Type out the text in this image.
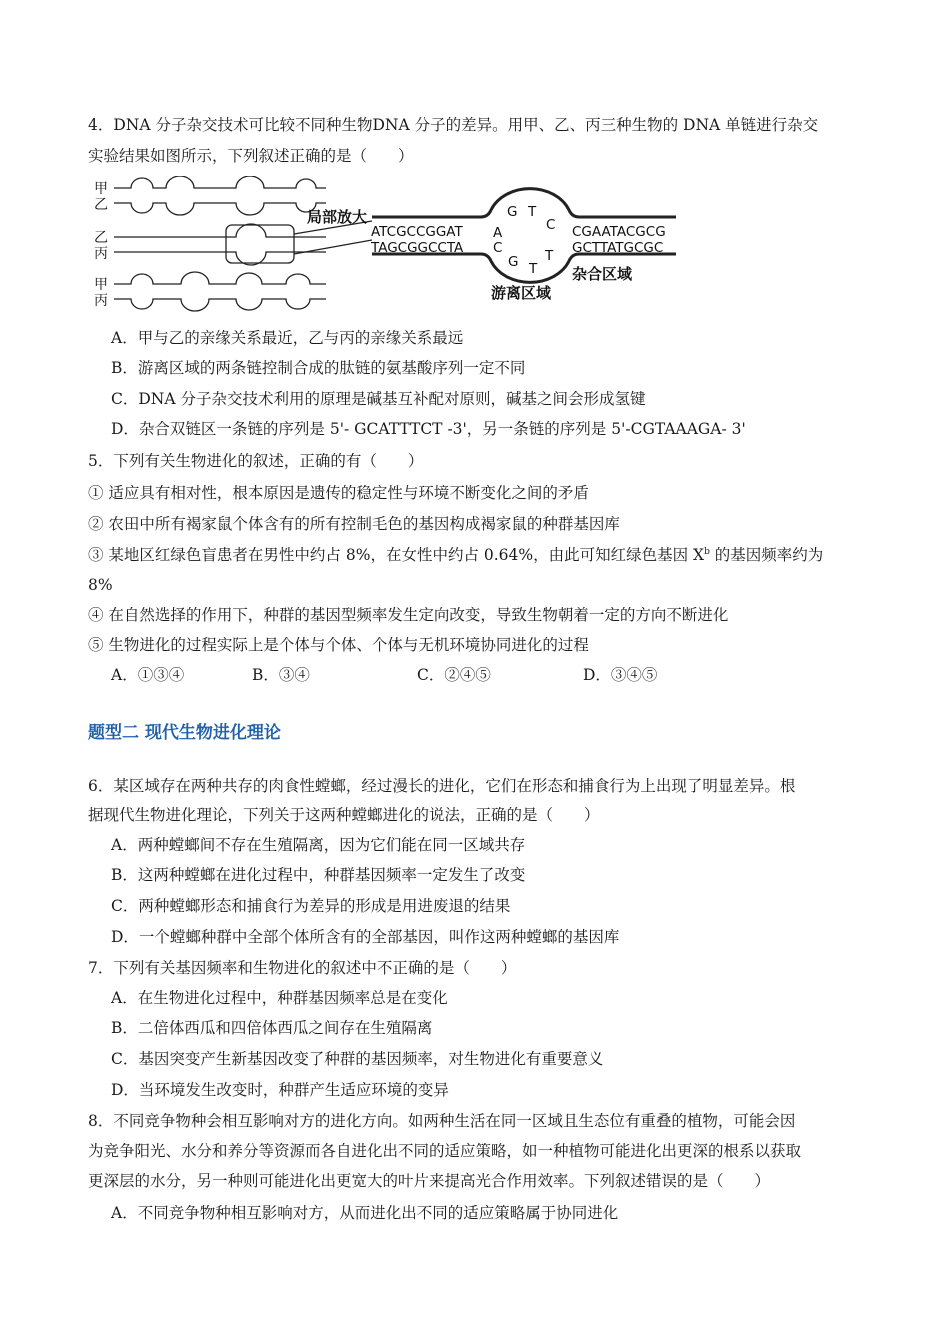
4．DNA 分子杂交技术可比较不同种生物DNA 分子的差异。用甲、乙、丙三种生物的 DNA 单链进行杂交
实验结果如图所示，下列叙述正确的是（　　）
甲
乙
乙
丙
甲
丙
局部放大
ATCGCCGGAT
TAGCGGCCTA
A
G T
C
C
G T
T
CGAATACGCG
GCTTATGCGC
杂合区域
游离区域
A．甲与乙的亲缘关系最近，乙与丙的亲缘关系最远
B．游离区域的两条链控制合成的肽链的氨基酸序列一定不同
C．DNA 分子杂交技术利用的原理是碱基互补配对原则，碱基之间会形成氢键
D．杂合双链区一条链的序列是 5'- GCATTTCT -3'，另一条链的序列是 5'-CGTAAAGA- 3'
5．下列有关生物进化的叙述，正确的有（　　）
① 适应具有相对性，根本原因是遗传的稳定性与环境不断变化之间的矛盾
② 农田中所有褐家鼠个体含有的所有控制毛色的基因构成褐家鼠的种群基因库
③ 某地区红绿色盲患者在男性中约占 8%，在女性中约占 0.64%，由此可知红绿色基因 $X^b$ 的基因频率约为
8%
④ 在自然选择的作用下，种群的基因型频率发生定向改变，导致生物朝着一定的方向不断进化
⑤ 生物进化的过程实际上是个体与个体、个体与无机环境协同进化的过程
A．①③④	B．③④	C．②④⑤	D．③④⑤
题型二 现代生物进化理论
6．某区域存在两种共存的肉食性螳螂，经过漫长的进化，它们在形态和捕食行为上出现了明显差异。根
据现代生物进化理论，下列关于这两种螳螂进化的说法，正确的是（　　）
A．两种螳螂间不存在生殖隔离，因为它们能在同一区域共存
B．这两种螳螂在进化过程中，种群基因频率一定发生了改变
C．两种螳螂形态和捕食行为差异的形成是用进废退的结果
D．一个螳螂种群中全部个体所含有的全部基因，叫作这两种螳螂的基因库
7．下列有关基因频率和生物进化的叙述中不正确的是（　　）
A．在生物进化过程中，种群基因频率总是在变化
B．二倍体西瓜和四倍体西瓜之间存在生殖隔离
C．基因突变产生新基因改变了种群的基因频率，对生物进化有重要意义
D．当环境发生改变时，种群产生适应环境的变异
8．不同竞争物种会相互影响对方的进化方向。如两种生活在同一区域且生态位有重叠的植物，可能会因
为竞争阳光、水分和养分等资源而各自进化出不同的适应策略，如一种植物可能进化出更深的根系以获取
更深层的水分，另一种则可能进化出更宽大的叶片来提高光合作用效率。下列叙述错误的是（　　）
A．不同竞争物种相互影响对方，从而进化出不同的适应策略属于协同进化
